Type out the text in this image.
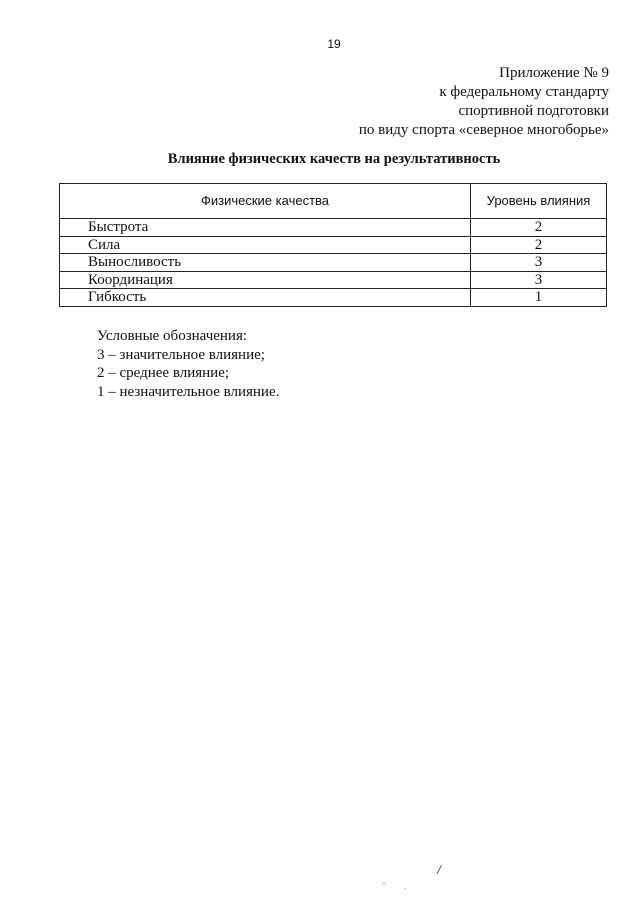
19
Приложение № 9
к федеральному стандарту
спортивной подготовки
по виду спорта «северное многоборье»
Влияние физических качеств на результативность
Физические качества	Уровень влияния
Быстрота	2
Сила	2
Выносливость	3
Координация	3
Гибкость	1
Условные обозначения:
3 – значительное влияние;
2 – среднее влияние;
1 – незначительное влияние.
/
